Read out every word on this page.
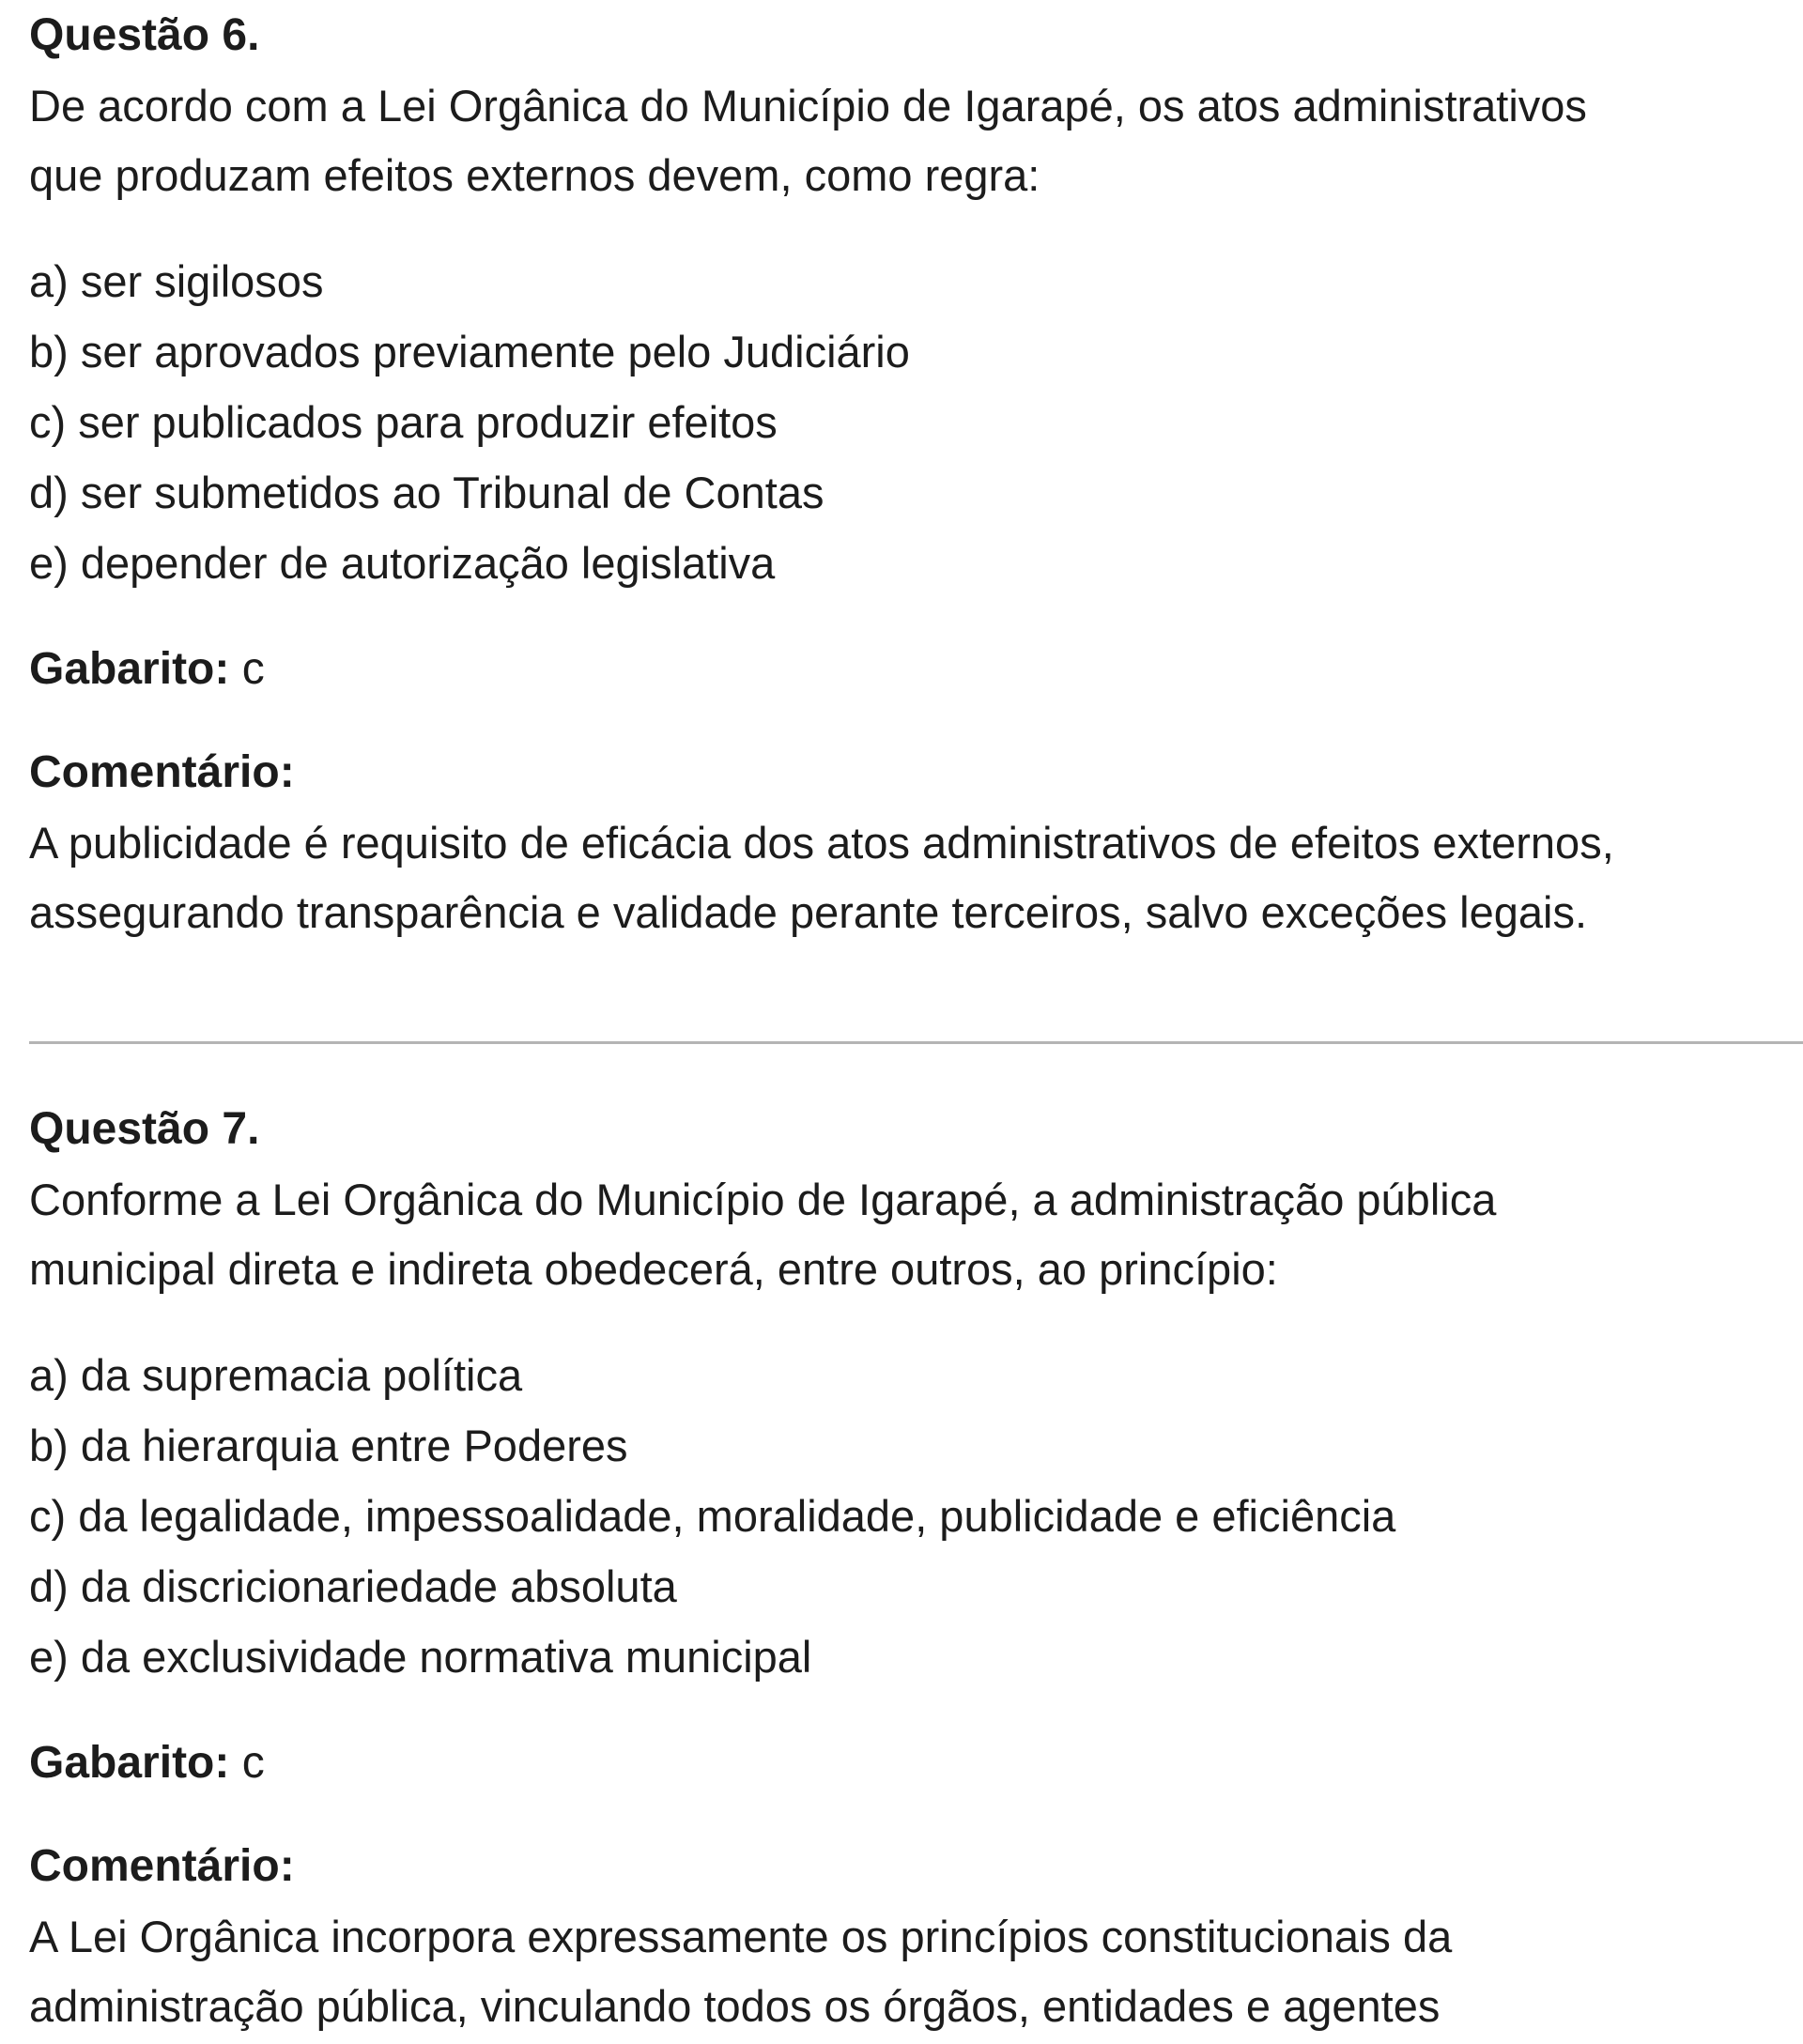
Questão 6.

De acordo com a Lei Orgânica do Município de Igarapé, os atos administrativos

que produzam efeitos externos devem, como regra:

a) ser sigilosos
b) ser aprovados previamente pelo Judiciário
c) ser publicados para produzir efeitos
d) ser submetidos ao Tribunal de Contas
e) depender de autorização legislativa

Gabarito: c

Comentário:

A publicidade é requisito de eficácia dos atos administrativos de efeitos externos,

assegurando transparência e validade perante terceiros, salvo exceções legais.

Questão 7.

Conforme a Lei Orgânica do Município de Igarapé, a administração pública

municipal direta e indireta obedecerá, entre outros, ao princípio:

a) da supremacia política
b) da hierarquia entre Poderes
c) da legalidade, impessoalidade, moralidade, publicidade e eficiência
d) da discricionariedade absoluta
e) da exclusividade normativa municipal

Gabarito: c

Comentário:

A Lei Orgânica incorpora expressamente os princípios constitucionais da

administração pública, vinculando todos os órgãos, entidades e agentes
